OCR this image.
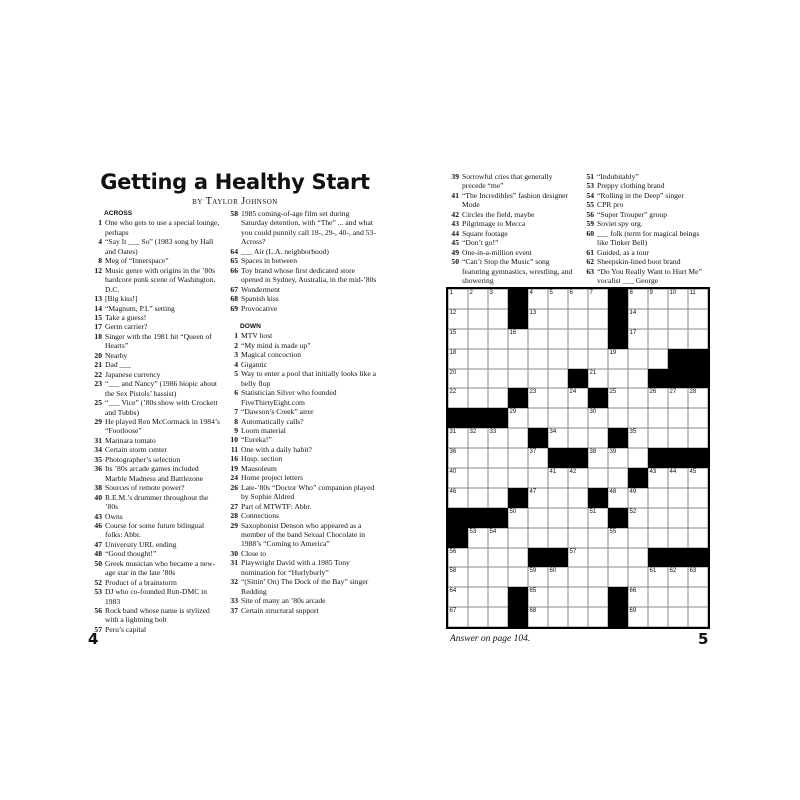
Getting a Healthy Start
by Taylor Johnson
ACROSS
1 One who gets to use a special lounge, perhaps
4 “Say It ___ So” (1983 song by Hall and Oates)
8 Meg of “Innerspace”
12 Music genre with origins in the ’80s hardcore punk scene of Washington, D.C.
13 [Big kiss!]
14 “Magnum, P.I.” setting
15 Take a guess!
17 Germ carrier?
18 Singer with the 1981 hit “Queen of Hearts”
20 Nearby
21 Dad ___
22 Japanese currency
23 “___ and Nancy” (1986 biopic about the Sex Pistols’ bassist)
25 “___ Vice” (’80s show with Crockett and Tubbs)
29 He played Ren McCormack in 1984’s “Footloose”
31 Marinara tomato
34 Certain storm center
35 Photographer’s selection
36 Its ’80s arcade games included Marble Madness and Battlezone
38 Sources of remote power?
40 R.E.M.’s drummer throughout the ’80s
43 Owns
46 Course for some future bilingual folks: Abbr.
47 University URL ending
48 “Good thought!”
50 Greek musician who became a new-age star in the late ’80s
52 Product of a brainstorm
53 DJ who co-founded Run-DMC in 1983
56 Rock band whose name is stylized with a lightning bolt
57 Peru’s capital
58 1985 coming-of-age film set during Saturday detention, with “The” ... and what you could punnily call 18-, 29-, 40-, and 53-Across?
64 ___ Air (L.A. neighborhood)
65 Spaces in between
66 Toy brand whose first dedicated store opened in Sydney, Australia, in the mid-’80s
67 Wonderment
68 Spanish kiss
69 Provocative
DOWN
1 MTV host
2 “My mind is made up”
3 Magical concoction
4 Gigantic
5 Way to enter a pool that initially looks like a belly flop
6 Statistician Silver who founded FiveThirtyEight.com
7 “Dawson’s Creek” airer
8 Automatically calls?
9 Loom material
10 “Eureka!”
11 One with a daily habit?
16 Hosp. section
19 Mausoleum
24 Home project letters
26 Late-’80s “Doctor Who” companion played by Sophie Aldred
27 Part of MTWTF: Abbr.
28 Connections
29 Saxophonist Denson who appeared as a member of the band Sexual Chocolate in 1988’s “Coming to America”
30 Close to
31 Playwright David with a 1985 Tony nomination for “Hurlyburly”
32 “(Sittin’ On) The Dock of the Bay” singer Redding
33 Site of many an ’80s arcade
37 Certain structural support
39 Sorrowful cries that generally precede “me”
41 “The Incredibles” fashion designer Mode
42 Circles the field, maybe
43 Pilgrimage to Mecca
44 Square footage
45 “Don’t go!”
49 One-in-a-million event
50 “Can’t Stop the Music” song featuring gymnastics, wrestling, and showering
51 “Indubitably”
53 Preppy clothing brand
54 “Rolling in the Deep” singer
55 CPR pro
56 “Super Trouper” group
59 Soviet spy org.
60 ___ folk (term for magical beings like Tinker Bell)
61 Guided, as a tour
62 Sheepskin-lined boot brand
63 “Do You Really Want to Hurt Me” vocalist ___ George
1	2	3	4	5	6	7	8	9	10 11
12	13	14
15	16	17
18	19
20	21
22	23	24	25	26 27 28
29	30
31 32 33	34	35
36	37	38 39
40	41 42	43 44 45
46	47	48 49
50	51	52
53 54	55
56	57
58	59 60	61 62 63
64	65	66
67	68	69
4	Answer on page 104.	5
